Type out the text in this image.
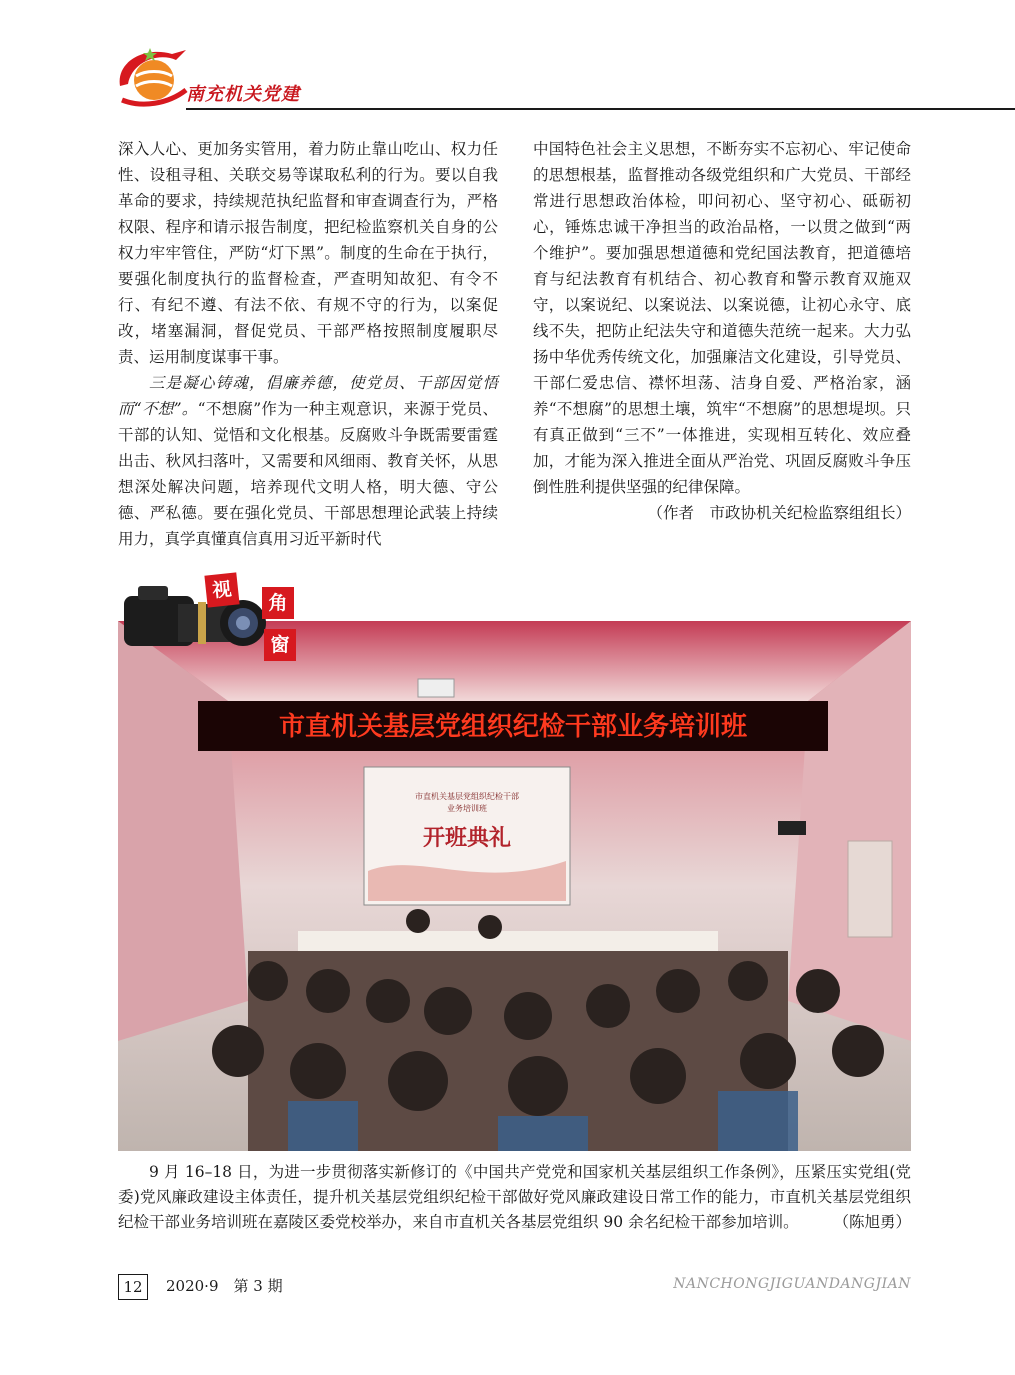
南充机关党建

深入人心、更加务实管用，着力防止靠山吃山、权力任性、设租寻租、关联交易等谋取私利的行为。要以自我革命的要求，持续规范执纪监督和审查调查行为，严格权限、程序和请示报告制度，把纪检监察机关自身的公权力牢牢管住，严防“灯下黑”。制度的生命在于执行，要强化制度执行的监督检查，严查明知故犯、有令不行、有纪不遵、有法不依、有规不守的行为，以案促改，堵塞漏洞，督促党员、干部严格按照制度履职尽责、运用制度谋事干事。

三是凝心铸魂，倡廉养德，使党员、干部因觉悟而“不想”。“不想腐”作为一种主观意识，来源于党员、干部的认知、觉悟和文化根基。反腐败斗争既需要雷霆出击、秋风扫落叶，又需要和风细雨、教育关怀，从思想深处解决问题，培养现代文明人格，明大德、守公德、严私德。要在强化党员、干部思想理论武装上持续用力，真学真懂真信真用习近平新时代

中国特色社会主义思想，不断夯实不忘初心、牢记使命的思想根基，监督推动各级党组织和广大党员、干部经常进行思想政治体检，叩问初心、坚守初心、砥砺初心，锤炼忠诚干净担当的政治品格，一以贯之做到“两个维护”。要加强思想道德和党纪国法教育，把道德培育与纪法教育有机结合、初心教育和警示教育双施双守，以案说纪、以案说法、以案说德，让初心永守、底线不失，把防止纪法失守和道德失范统一起来。大力弘扬中华优秀传统文化，加强廉洁文化建设，引导党员、干部仁爱忠信、襟怀坦荡、洁身自爱、严格治家，涵养“不想腐”的思想土壤，筑牢“不想腐”的思想堤坝。只有真正做到“三不”一体推进，实现相互转化、效应叠加，才能为深入推进全面从严治党、巩固反腐败斗争压倒性胜利提供坚强的纪律保障。

（作者　市政协机关纪检监察组组长）

市直机关基层党组织纪检干部业务培训班
市直机关基层党组织纪检干部
业务培训班
开班典礼
视
角
窗

9 月 16–18 日，为进一步贯彻落实新修订的《中国共产党党和国家机关基层组织工作条例》，压紧压实党组(党委)党风廉政建设主体责任，提升机关基层党组织纪检干部做好党风廉政建设日常工作的能力，市直机关基层党组织纪检干部业务培训班在嘉陵区委党校举办，来自市直机关各基层党组织 90 余名纪检干部参加培训。	（陈旭勇）
12	2020·9　第 3 期	NANCHONGJIGUANDANGJIAN
